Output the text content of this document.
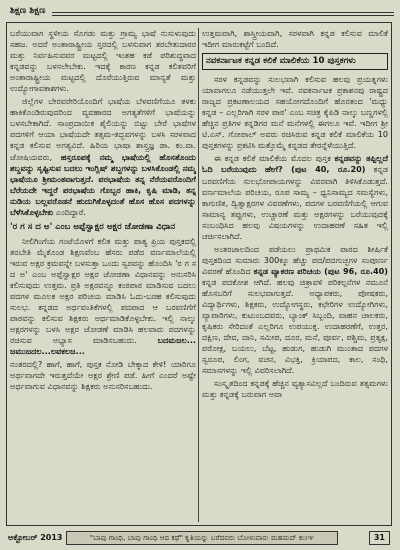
ಶಿಕ್ಷಣ ಶಿಕ್ಷಣ

ಬರೆಯುವಾಗ ಸ್ಥಳೀಯ ಸೊಗಡು ಮತ್ತು ಗ್ರಾಮ್ಯ ಭಾಷೆ ನುಸುಳುವುದು ಸಹಜ. ಅದರೆ ಅಂತಾರಾಷ್ಟ್ರೀಯ ಸ್ತರದಲ್ಲಿ ಬಳಸುವಾಗ ತರಬೇತುದಾರರ ಮತ್ತು ನಿರ್ವಹಿಸುವವರ ಮಟ್ಟದಲ್ಲಿ ಇಂತಹ ಕಡೆ ಪರಿಶುದ್ಧವಾದ ಕನ್ನಡವನ್ನು ಬಳಸಲೇಬೇಕು. ಇದಕ್ಕೆ ಕಾರಣ ಕನ್ನಡ ಕಲಿತವರಿಗೆ ಅಂತಾರಾಷ್ಟ್ರೀಯ ಮಟ್ಟದಲ್ಲಿ ದೊರೆಯುತ್ತಿರುವ ಮಾನ್ಯತೆ ಮತ್ತು ಉದ್ಯೋಗಾವಕಾಶಗಳು.

ಜಿಲ್ಲೆಗಳ ಬೇರವರೇರಿಯೊಂದಿಗೆ ಭಾಷೆಯ ಬೆಳವಣಿಗೆಯೂ ತಳಕು ಹಾಕಿಕೊಂಡಿರುವುದರಿಂದ ವ್ಯವಹಾರದ ಅಗತ್ಯತೆಗಳಿಗೆ ಭಾಷೆಯನ್ನು ಬಳಸಬೇಕಾಗಿದೆ. ಸಾಂಪ್ರದಾಯಿಕ ಶೈಲಿಯನ್ನು ಬಿಟ್ಟು ಬೇರೆ ಭಾಷೆಗಳ ಪದಗಳಿಗೆ ಆಯಾ ಭಾಷೆಯದೇ ತತ್ಸಮ-ತದ್ಭವಗಳನ್ನು ಬಳಸಿ ಸರಳವಾದ ಕನ್ನಡ ಕಲಿಸುವ ಅಗತ್ಯವಿದೆ. ಹಿರಿಯ ಭಾಷಾ ಶಾಸ್ತ್ರಜ್ಞ ಡಾ. ಕಂ.ವಾ. ಜೋಷಿಯವರು, ಹಸ್ತರೂಪಕ್ಕೆ ನಮ್ಮ ಭಾಷೆಯಲ್ಲಿ ಹೊಸತೊಂದು ಶಬ್ದವನ್ನು ಸೃಷ್ಟಿಸುವ ಬದಲು ಇಂಗ್ಲಿಷ್ ಶಬ್ದಗಳನ್ನು ಬಳಸಿಕೊಂಡಲ್ಲಿ ನಮ್ಮ ಭಾಷೆಯೂ ಶ್ರೀಮಂತವಾಗುತ್ತದೆ. ಪರಭಾಷೆಯ ತನ್ನ ನೆರೆಯವರೊಂದಿಗೆ ಬೆರೆಯದೇ ಇದ್ದರೆ ಪರಭಾಷೆಯ ಗೊಬ್ಬರ ಹಾಕಿ, ಕೃಷಿ ಮಾಡಿ, ತನ್ನ ನುಡಿಯ ಬಲ್ಲವರೊಡನೆ ಹುದುಗಿಕೊಳ್ಳದಂತೆ ಹೊಸ ಹೊಸ ಪದಗಳನ್ನು ಬೆಳೆಸಿಕೊಳ್ಳಬೇಕು ಎಂದಿದ್ದಾರೆ.

'ರ ಗ ಸ ದ ಅ' ಎಂಬ ಅಪ್ಪೆಸ್ವಾಕ್ಷರ ಅಕ್ಷರ ಜೋಡಣಾ ವಿಧಾನ

ನೀಲಿಗಿಂಗೆಯ ಗಂಟೆಯೊಳಗೆ ಕಲಿತ ಮತ್ತು ಪಾತ್ಯ ಪ್ರಿಯ ಪುಸ್ತಕದಲ್ಲಿ ತರಬೇತಿ ಮೈಕೊಂಡ ಶಿಕ್ಷಣವೆಂಬ ಹೆಸರು ಪಡೆದ ವರ್ಣಮಾಲೆಯಲ್ಲಿ ಇರುವ ಅಕ್ಷರ ಕ್ರಮವನ್ನೇ ಬಳಸುತ್ತಾ ಒಂದು ಸ್ವರವನ್ನು ಹೊಂದಿಸಿ 'ರ ಗ ಸ ದ ಅ' ಎಂಬ ಅಪ್ಪೆಸ್ವಾಕ್ಷರ ಅಕ್ಷರ ಜೋಡಣಾ ವಿಧಾನವನ್ನು ಅನುಸರಿಸಿ ಕಲಿಸುವುದು ಉತ್ತಮ. ಪ್ರತಿ ಅಕ್ಷರವನ್ನೂ ಕಂಠಪಾಠ ಮಾಡಿಸುವ ಬದಲು ಪದಗಳ ಮೂಲಕ ಅಕ್ಷರ ಪರಿಚಯ ಮಾಡಿಸಿ ಓದು-ಬರಹ ಕಲಿಸುವುದು ಸುಲಭ. ಕನ್ನಡದ ಅರ್ಥವಂತಿಕೆಗಳಲ್ಲಿ ಪದಪಾದ ಆ ಬರವಣಿಗೆಗೆ ಪಾಠವನ್ನು ಕಲಿಸುವ ಶಿಕ್ಷಕರು ಅರ್ಥಮಾಡಿಕೊಳ್ಳಬೇಕು. ಇಲ್ಲಿ ನಾಲ್ಕು ಅಕ್ಷರಗಳನ್ನು ಬಳಸಿ ಅಕ್ಷರ ಜೋಡಣೆ ಮಾಡಿಸಿ ಹಲವಾರು ಪದಗಳನ್ನು ರಚಿಸುವ ಅಭ್ಯಾಸ ಮಾಡಿಸಬಹುದು.	ಬದಮಜಲ... ಜಮುಜದಲ...ಲವಕಲಜ...

ನಂತರದಲ್ಲಿ? ಹಾಗೆ, ಹಾಗೆ, ಪುಸ್ತಕ ನೋಡಿ ಬೇಕ್ಕಾದ ಕೇಳಿ! ಯಾರಿಗೂ ಅರ್ಥವಾಗದೇ ಇರುತ್ತದೆಯೇ ಅಕ್ಷರ ಶ್ರೇಣಿ ಪಡೆ. ಹೀಗೆ ಎಂದರೆ ಅಷ್ಟೇ ಅರ್ಥವಾಗುವ ವಿಧಾನವನ್ನು ಶಿಕ್ಷಕರು ಅನುಸರಿಸಬಹುದು.

ಉತ್ತಮವಾಗಿ, ಶಾಸ್ತ್ರೀಯವಾಗಿ, ಸರಳವಾಗಿ ಕನ್ನಡ ಕಲಿಸುವ ಮಾಲಿಕೆ ಇದೀಗ ಮಾರುಕಟ್ಟೆಗೆ ಬಂದಿದೆ.

ನವಕರ್ನಾಟಕ ಕನ್ನಡ ಕಲಿಕೆ ಮಾಲಿಕೆಯ 10 ಪುಸ್ತಕಗಳು

ಸರಳ ಕನ್ನಡವನ್ನು ಸುಲಭವಾಗಿ ಕಲಿಸುವ ಹಲವು ಪ್ರಯತ್ನಗಳು ಯಾವಾಗಲೂ ನಡೆಯುತ್ತಲೇ ಇವೆ. ನವಕರ್ನಾಟಕ ಪ್ರಕಾಶನವು ರಾಷ್ಟ್ರದ ರಾಜ್ಯದ ಪ್ರಕಟಣಾಲಯದ ಸಹಯೋಗದೊಂದಿಗೆ ಹೊರತಂದ 'ಮಧ್ಯು ಕನ್ನಡ – ಎಲ್ಲರಿಗಾಗಿ ಸರಳ ಪಾಠ' ಎಂಬ ಸಚಿತ್ರ ಕೈಪಿಡಿ ನಾಲ್ಕು ಬಣ್ಣಗಳಲ್ಲಿ ಹೆಚ್ಚಿನ ಪ್ರತಿಗಳ ಕನ್ನಡಿಗರ ಮನೆ ಮನೆಗಳಲ್ಲಿ ಈಗಲೂ ಇವೆ. ಇದೀಗ ಶ್ರೀ ಟಿ.ಎಸ್. ಗೋಪಾಲ್ ಅವರು ರಚಿಸಿರುವ ಕನ್ನಡ ಕಲಿಕೆ ಮಾಲಿಕೆಯ 10 ಪುಸ್ತಕಗಳನ್ನು ಪ್ರಕಟಿಸಿ ಮತ್ತೊಮ್ಮೆ ಕನ್ನಡದ ತೇರನ್ನೆಳೆಯುತ್ತಿದೆ.

ಈ ಕನ್ನಡ ಕಲಿಕೆ ಮಾಲಿಕೆಯ ಮೊದಲ ಪುಸ್ತಕ ಕನ್ನಡವನ್ನು ತಪ್ಪಿಲ್ಲದೆ ಓದಿ ಬರೆಯುವುದು ಹೇಗೆ? (ಪುಟ 40, ರೂ.20) ಕನ್ನಡ ಬರವಣಿಗೆಯ ಸುಲಭೋಪಾಯಗಳನ್ನು ವಿವರವಾಗಿ ತಿಳಿಸಿಕೊಡುತ್ತದೆ. ವರ್ಣಮಾಲೆಯ ಪರಿಚಯ, ರೂಪ ಸಾಮ್ಯ – ಧ್ವನಿಸಾಮ್ಯದ ಸಮಸ್ಯೆಗಳು, ಕಾಗುಣಿತ, ದ್ವಿತ್ವಾಕ್ಷರಗಳ ವಿವರಣೆಗಳು, ಪದಗಳ ಬರವಣಿಗೆಯಲ್ಲಿ ಆಗುವ ಸಾಮಾನ್ಯ ತಪ್ಪುಗಳು, ಉಚ್ಚಾರಣೆ ಮತ್ತು ಅಕ್ಷರಗಳನ್ನು ಬರೆಯುವುದಕ್ಕೆ ಸಂಬಂಧಿಸಿದ ಹಲವು ವಿಷಯಗಳನ್ನು ಉದಾಹರಣೆ ಸಹಿತ ಇಲ್ಲಿ ಚರ್ಚಿಸಲಾಗಿದೆ.

ಅಂತರಜಾಲದಿಂದ ಪಡೆಯಲು ಪ್ರಾಥಮಿಕ ಪಾಠದ ಶೀರ್ಷಿಕೆ ಪುಸ್ತಕದಿಂದ ಸುಮಾರು 300ಕ್ಕೂ ಹೆಚ್ಚು ಪದ/ಪದಗುಚ್ಛಗಳ ಸಂಪೂರ್ಣ ವಿವರಣೆ ಹೊಂದಿದ ಕನ್ನಡ ವ್ಯಾಕರಣ ಪರಿಚಯ (ಪುಟ 96, ರೂ.40) ಕನ್ನಡ ಪದಕೋಶ ಆಗಿದೆ. ಹಲವು ಚಿತ್ರಾವಳಿ ಪರಿಕಲ್ಪನೆಗಳ ನಮೂನೆ ಹೊಸಬರಿಗೆ ಸುಲಭವಾಗುತ್ತದೆ. ಅಧ್ಯಾಪಕರು, ಪೋಷಕರು, ವಿದ್ಯಾರ್ಥಿಗಳು, ಶಿಕ್ಷಕರು, ಉದ್ಯೋಗಸ್ಥರು, ಕಛೇರಿಗಳ ಉದ್ಯೋಗಿಗಳು, ವ್ಯಾಪಾರಿಗಳು, ಕುಟುಂಬದವರು, ಬ್ಯಾಂಕ್ ಸಿಬ್ಬಂದಿ, ವಾಹನ ಚಾಲಕರು, ಕೃಷಿಕರು ಸೇರಿದಂತೆ ಎಲ್ಲರಿಗೂ ಉಪಯುಕ್ತ. ಉದಾಹರಣೆಗೆ, ಉತ್ತರ, ದಕ್ಷಿಣ, ದೇವ, ದಾನಿ, ಸಮೀಪ, ದೂರ, ಮನೆ, ಪೂರ್ವ, ಪಶ್ಚಿಮ, ಪ್ರತ್ಯಕ್ಷ, ಪರೋಕ್ಷ, ಬಯಲು, ಬೆಟ್ಟ, ಹುಡುಗ, ಹುಡುಗಿ ಮುಂತಾದ ಪದಗಳ ಸ್ವರೂಪ, ಲಿಂಗ, ವಚನ, ವಿಭಕ್ತಿ, ಕ್ರಿಯಾಪದ, ಕಾಲ, ಸಂಧಿ, ಸಮಾಸಗಳನ್ನು ಇಲ್ಲಿ ವಿವರಿಸಲಾಗಿದೆ.

ಸಂಸ್ಕೃತದಿಂದ ಕನ್ನಡಕ್ಕೆ ಹೆಚ್ಚಿನ ವ್ಯತ್ಯಾಸವಿಲ್ಲದೆ ಬಂದಿರುವ ತತ್ಸಮಗಳು ಮತ್ತು ಕನ್ನಡಕ್ಕೆ ಬರುವಾಗ ಅವಾ

ಅಕ್ಟೋಬರ್ 2013	"ಬಾಪು ಗಾಂಧಿ, ಬಾಪು ಗಾಂಧಿ ಆದ ಕಥೆ" ಕೃತಿಯನ್ನು ಬರೆದವರು ಬೋಳುವಾರು ಮಹಮದ್ ಕುಂಞ	31
